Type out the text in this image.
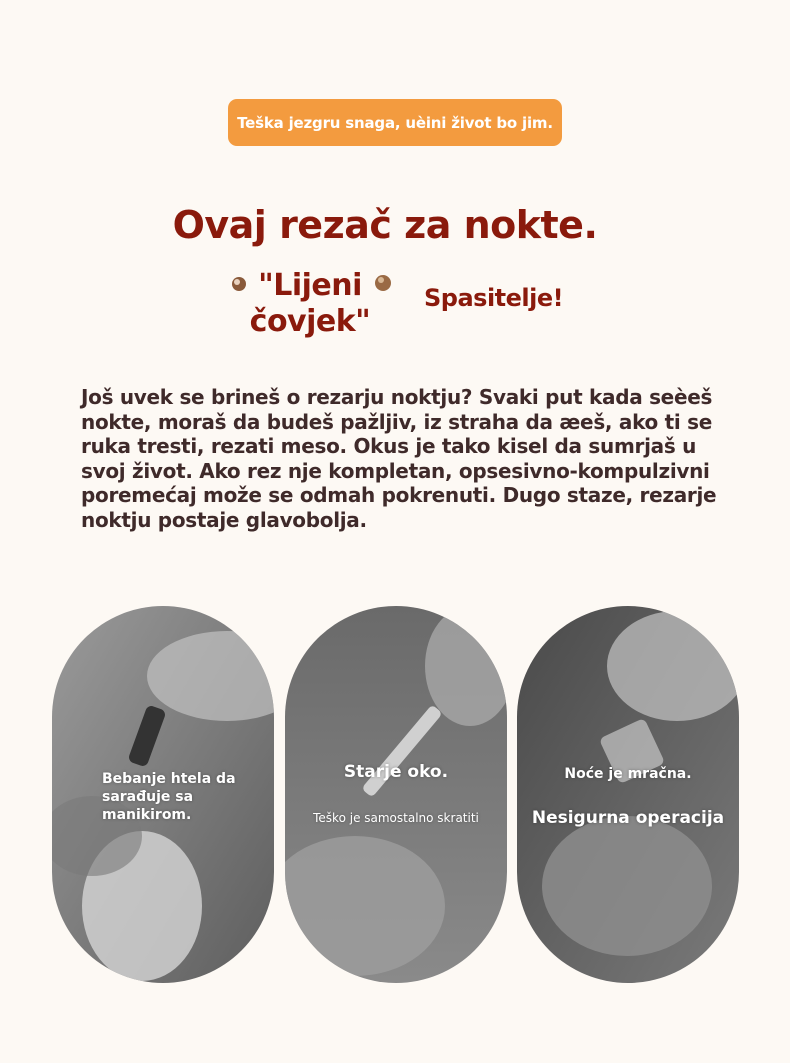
Teška jezgru snaga, uèini život bo jim.
Ovaj rezač za nokte.
"Lijeni
čovjek"
Spasitelje!

Još uvek se brineš o rezarju noktju? Svaki put kada seèeš nokte, moraš da budeš pažljiv, iz straha da æeš, ako ti se ruka tresti, rezati meso. Okus je tako kisel da sumrjaš u svoj život. Ako rez nje kompletan, opsesivno-kompulzivni poremećaj može se odmah pokrenuti. Dugo staze, rezarje noktju postaje glavobolja.

Bebanje htela da sarađuje sa manikirom.
Starje oko.
Teško je samostalno skratiti
Noće je mračna.
Nesigurna operacija
